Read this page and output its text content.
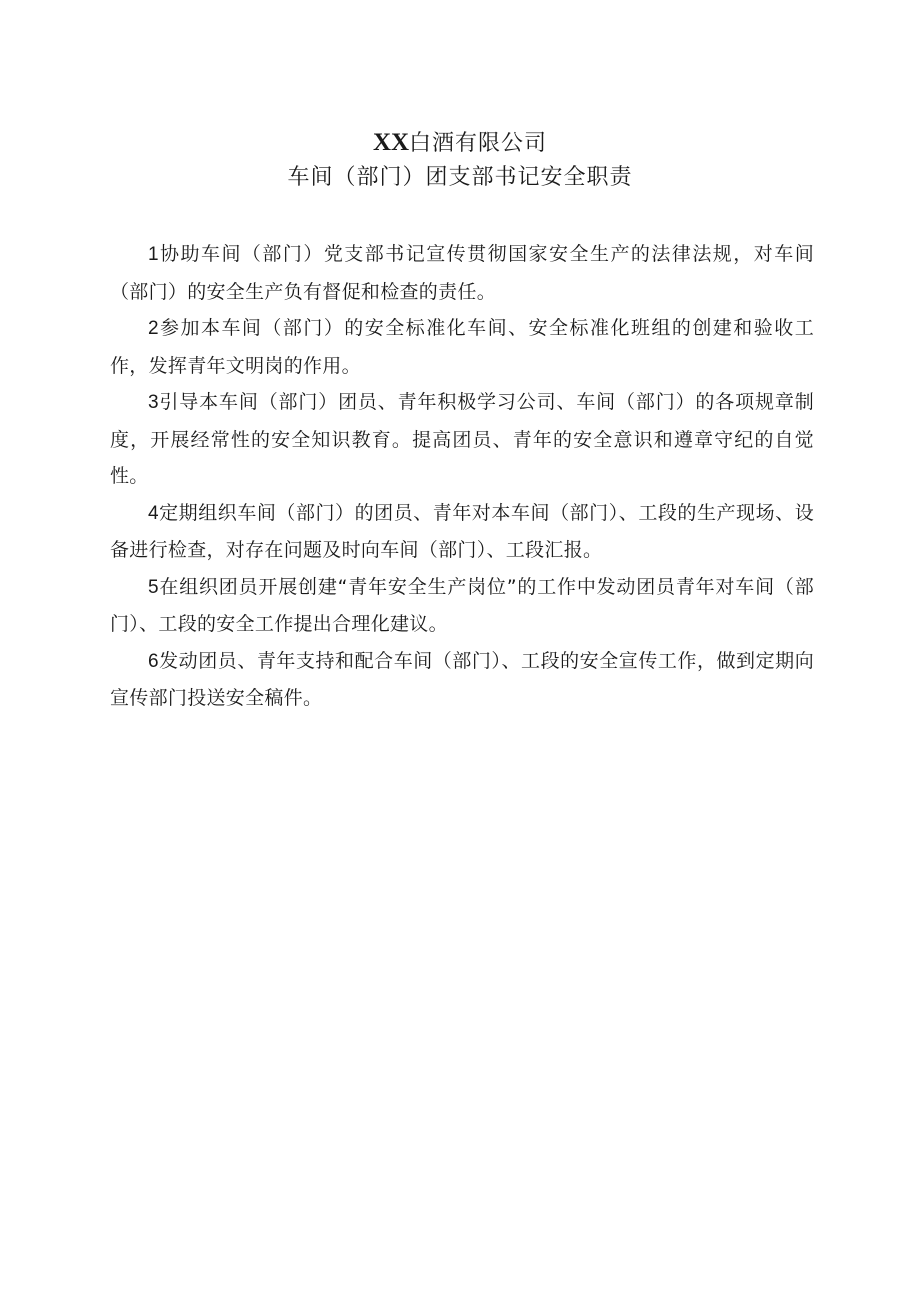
XX白酒有限公司
车间（部门）团支部书记安全职责

1协助车间（部门）党支部书记宣传贯彻国家安全生产的法律法规，对车间（部门）的安全生产负有督促和检查的责任。

2参加本车间（部门）的安全标准化车间、安全标准化班组的创建和验收工作，发挥青年文明岗的作用。

3引导本车间（部门）团员、青年积极学习公司、车间（部门）的各项规章制度，开展经常性的安全知识教育。提高团员、青年的安全意识和遵章守纪的自觉性。

4定期组织车间（部门）的团员、青年对本车间（部门）、工段的生产现场、设备进行检查，对存在问题及时向车间（部门）、工段汇报。

5在组织团员开展创建“青年安全生产岗位”的工作中发动团员青年对车间（部门）、工段的安全工作提出合理化建议。

6发动团员、青年支持和配合车间（部门）、工段的安全宣传工作，做到定期向宣传部门投送安全稿件。
